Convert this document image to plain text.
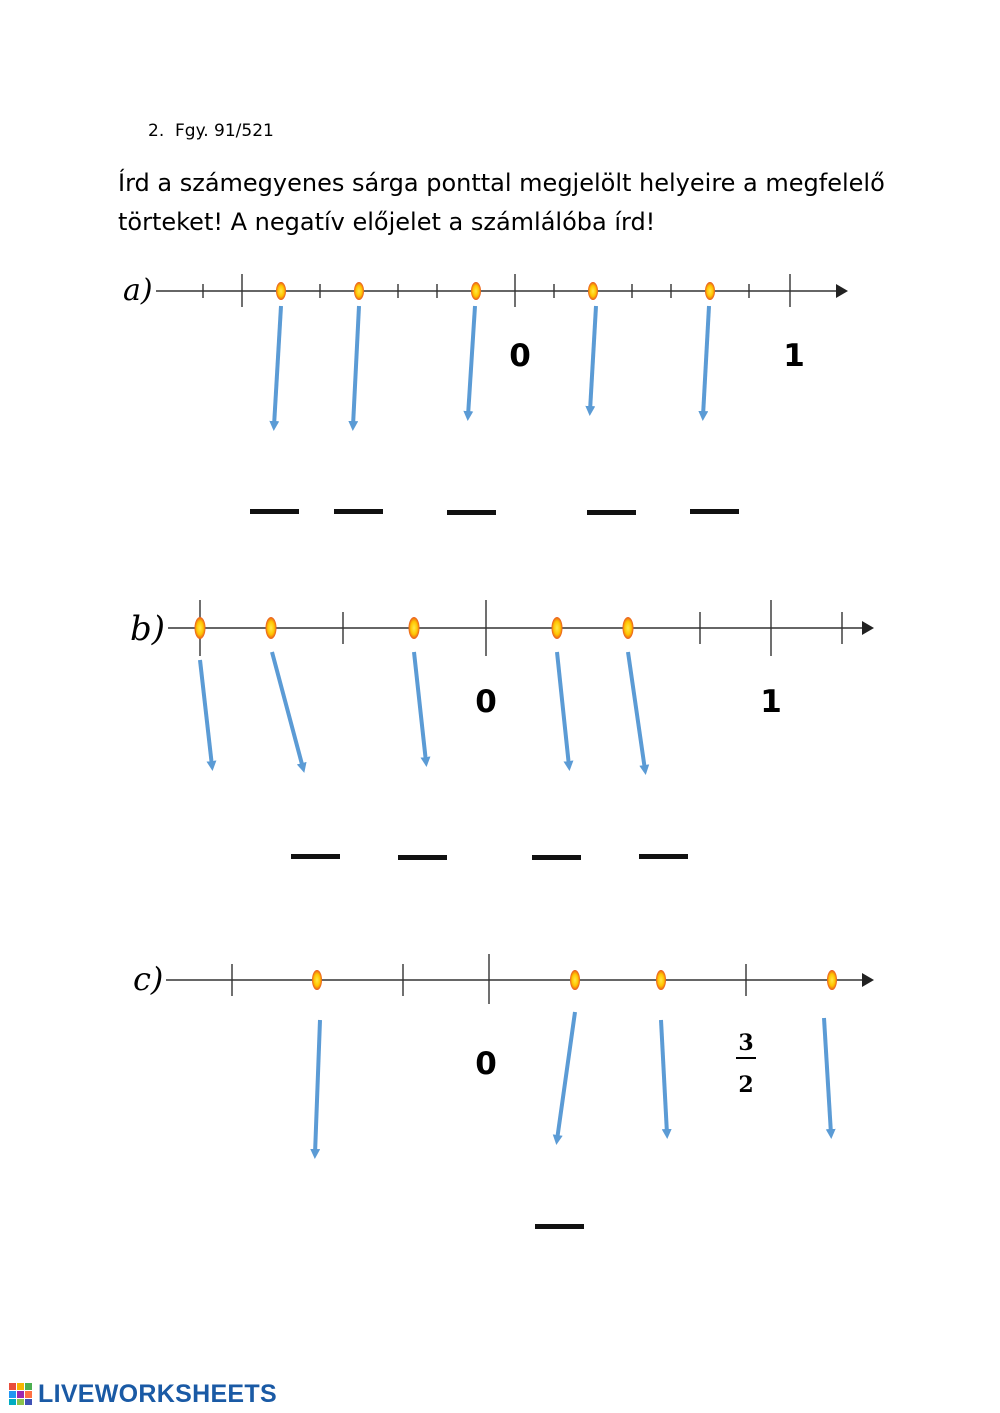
2.  Fgy. 91/521
Írd a számegyenes sárga ponttal megjelölt helyeire a megfelelő
törteket! A negatív előjelet a számlálóba írd!
a)
0	1
b)
0	1
c)
0
3
2
LIVEWORKSHEETS
